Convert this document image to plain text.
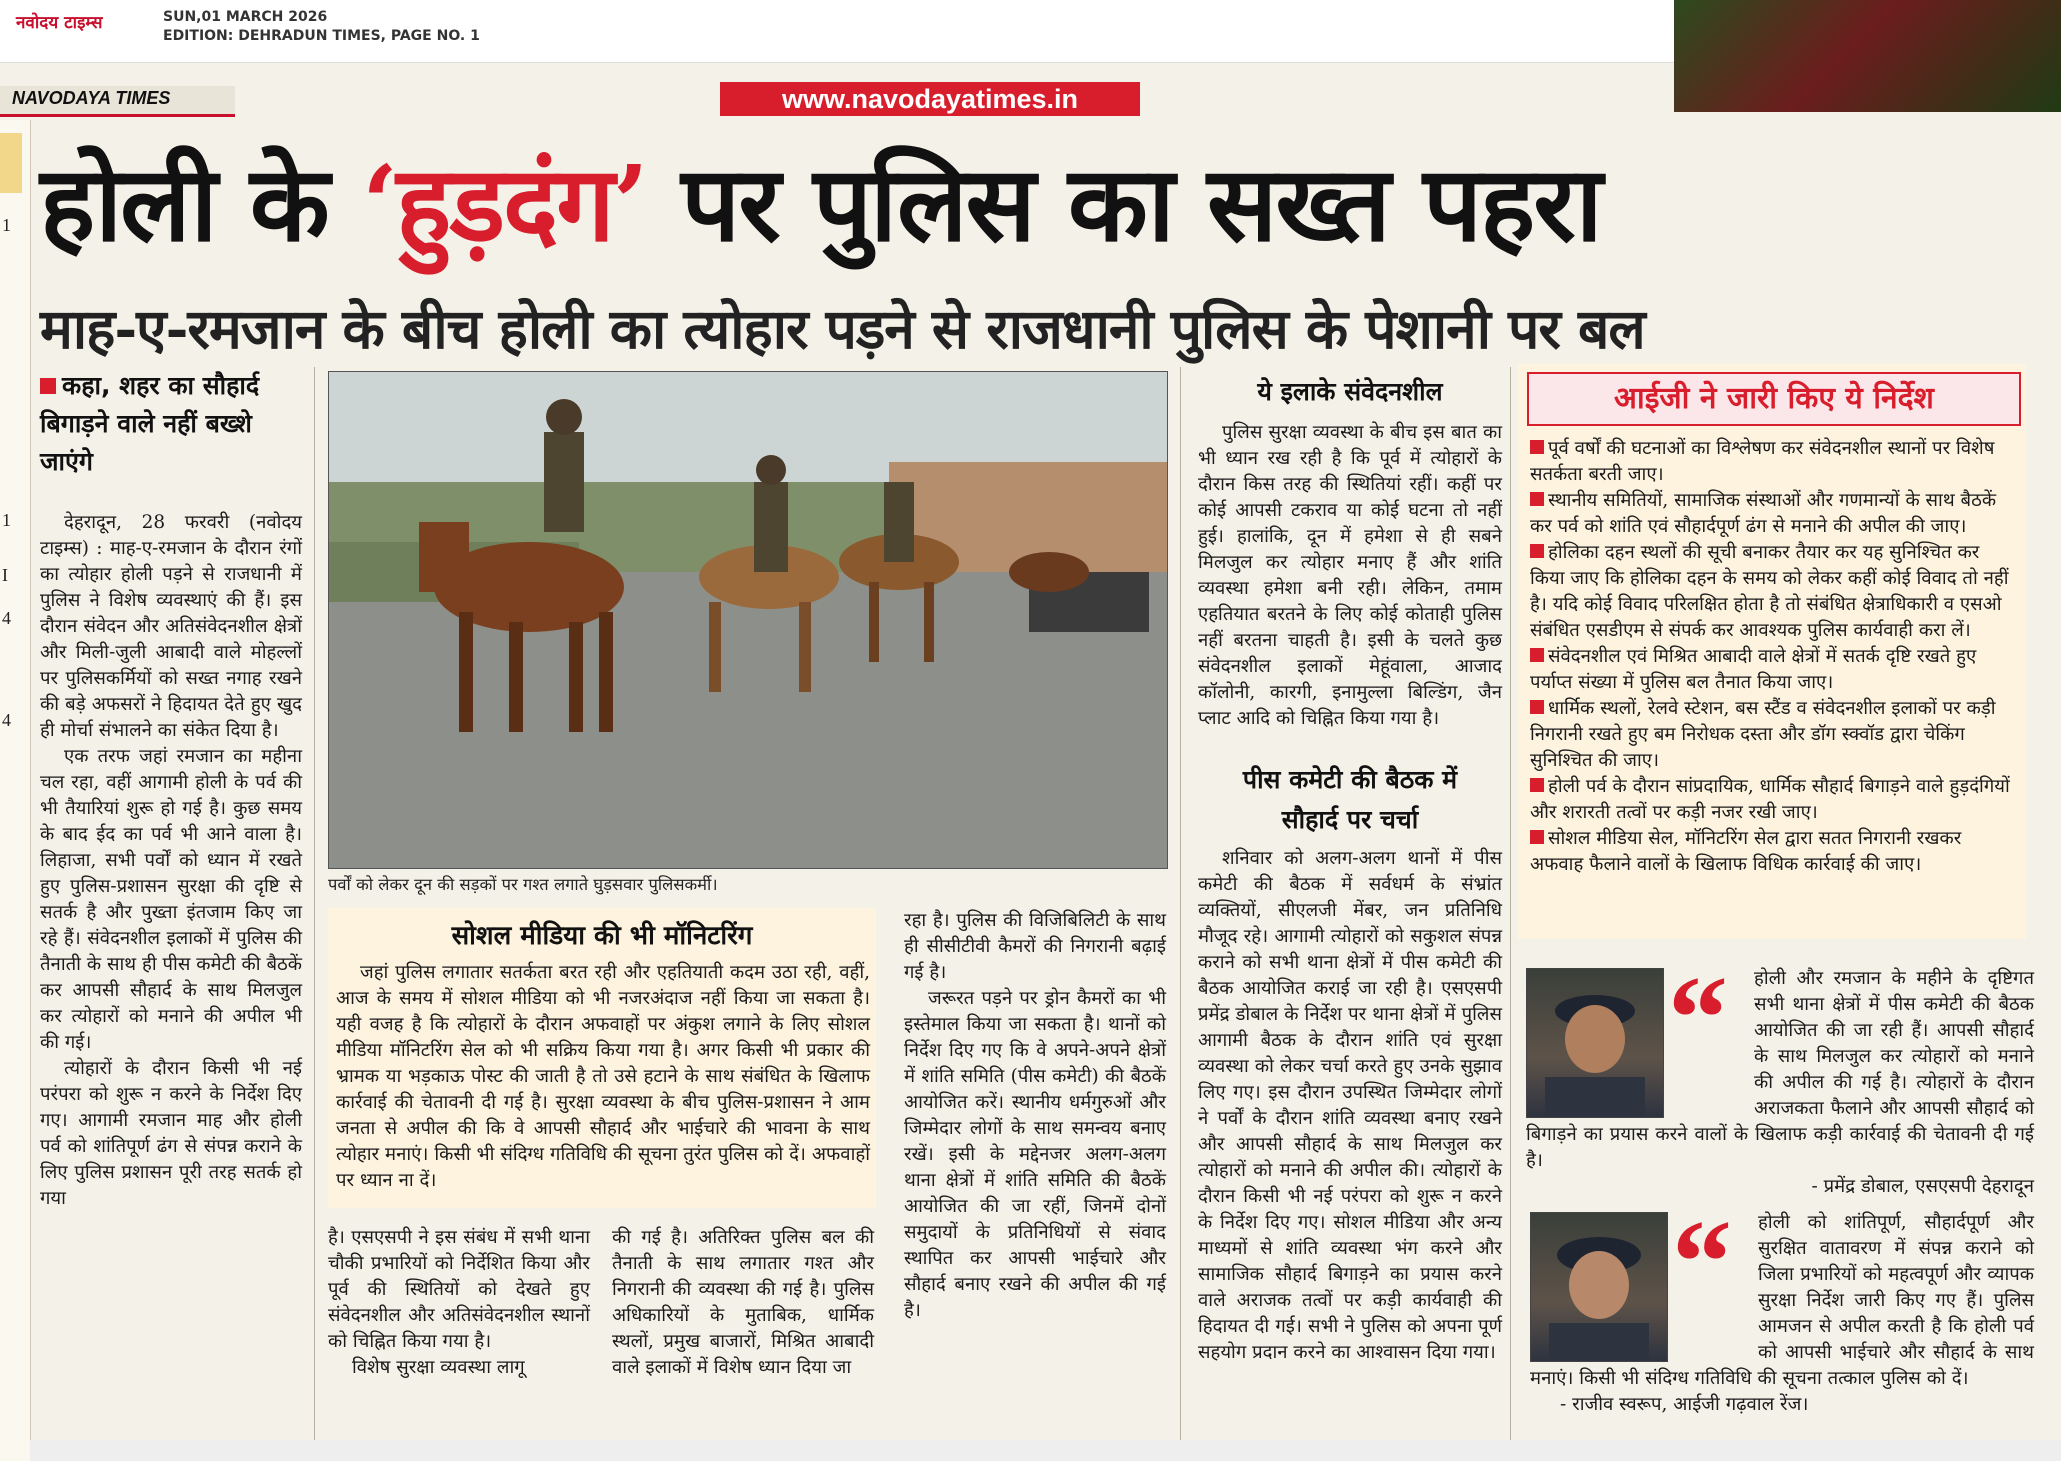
नवोदय टाइम्स	SUN,01 MARCH 2026
EDITION: DEHRADUN TIMES, PAGE NO. 1
NAVODAYA TIMES	www.navodayatimes.in
1
1
I
4
4
होली के ‘हुड़दंग’ पर पुलिस का सख्त पहरा
माह-ए-रमजान के बीच होली का त्योहार पड़ने से राजधानी पुलिस के पेशानी पर बल
कहा, शहर का सौहार्द बिगाड़ने वाले नहीं बख्शे जाएंगे

देहरादून, 28 फरवरी (नवोदय टाइम्स) : माह-ए-रमजान के दौरान रंगों का त्योहार होली पड़ने से राजधानी में पुलिस ने विशेष व्यवस्थाएं की हैं। इस दौरान संवेदन और अतिसंवेदनशील क्षेत्रों और मिली-जुली आबादी वाले मोहल्लों पर पुलिसकर्मियों को सख्त नगाह रखने की बड़े अफसरों ने हिदायत देते हुए खुद ही मोर्चा संभालने का संकेत दिया है।

एक तरफ जहां रमजान का महीना चल रहा, वहीं आगामी होली के पर्व की भी तैयारियां शुरू हो गई है। कुछ समय के बाद ईद का पर्व भी आने वाला है। लिहाजा, सभी पर्वों को ध्यान में रखते हुए पुलिस-प्रशासन सुरक्षा की दृष्टि से सतर्क है और पुख्ता इंतजाम किए जा रहे हैं। संवेदनशील इलाकों में पुलिस की तैनाती के साथ ही पीस कमेटी की बैठकें कर आपसी सौहार्द के साथ मिलजुल कर त्योहारों को मनाने की अपील भी की गई।

त्योहारों के दौरान किसी भी नई परंपरा को शुरू न करने के निर्देश दिए गए। आगामी रमजान माह और होली पर्व को शांतिपूर्ण ढंग से संपन्न कराने के लिए पुलिस प्रशासन पूरी तरह सतर्क हो गया

पर्वों को लेकर दून की सड़कों पर गश्त लगाते घुड़सवार पुलिसकर्मी।
सोशल मीडिया की भी मॉनिटरिंग

जहां पुलिस लगातार सतर्कता बरत रही और एहतियाती कदम उठा रही, वहीं, आज के समय में सोशल मीडिया को भी नजरअंदाज नहीं किया जा सकता है। यही वजह है कि त्योहारों के दौरान अफवाहों पर अंकुश लगाने के लिए सोशल मीडिया मॉनिटरिंग सेल को भी सक्रिय किया गया है। अगर किसी भी प्रकार की भ्रामक या भड़काऊ पोस्ट की जाती है तो उसे हटाने के साथ संबंधित के खिलाफ कार्रवाई की चेतावनी दी गई है। सुरक्षा व्यवस्था के बीच पुलिस-प्रशासन ने आम जनता से अपील की कि वे आपसी सौहार्द और भाईचारे की भावना के साथ त्योहार मनाएं। किसी भी संदिग्ध गतिविधि की सूचना तुरंत पुलिस को दें। अफवाहों पर ध्यान ना दें।

है। एसएसपी ने इस संबंध में सभी थाना चौकी प्रभारियों को निर्देशित किया और पूर्व की स्थितियों को देखते हुए संवेदनशील और अतिसंवेदनशील स्थानों को चिह्नित किया गया है।

विशेष सुरक्षा व्यवस्था लागू

की गई है। अतिरिक्त पुलिस बल की तैनाती के साथ लगातार गश्त और निगरानी की व्यवस्था की गई है। पुलिस अधिकारियों के मुताबिक, धार्मिक स्थलों, प्रमुख बाजारों, मिश्रित आबादी वाले इलाकों में विशेष ध्यान दिया जा

रहा है। पुलिस की विजिबिलिटी के साथ ही सीसीटीवी कैमरों की निगरानी बढ़ाई गई है।

जरूरत पड़ने पर ड्रोन कैमरों का भी इस्तेमाल किया जा सकता है। थानों को निर्देश दिए गए कि वे अपने-अपने क्षेत्रों में शांति समिति (पीस कमेटी) की बैठकें आयोजित करें। स्थानीय धर्मगुरुओं और जिम्मेदार लोगों के साथ समन्वय बनाए रखें। इसी के मद्देनजर अलग-अलग थाना क्षेत्रों में शांति समिति की बैठकें आयोजित की जा रहीं, जिनमें दोनों समुदायों के प्रतिनिधियों से संवाद स्थापित कर आपसी भाईचारे और सौहार्द बनाए रखने की अपील की गई है।

ये इलाके संवेदनशील

पुलिस सुरक्षा व्यवस्था के बीच इस बात का भी ध्यान रख रही है कि पूर्व में त्योहारों के दौरान किस तरह की स्थितियां रहीं। कहीं पर कोई आपसी टकराव या कोई घटना तो नहीं हुई। हालांकि, दून में हमेशा से ही सबने मिलजुल कर त्योहार मनाए हैं और शांति व्यवस्था हमेशा बनी रही। लेकिन, तमाम एहतियात बरतने के लिए कोई कोताही पुलिस नहीं बरतना चाहती है। इसी के चलते कुछ संवेदनशील इलाकों मेहूंवाला, आजाद कॉलोनी, कारगी, इनामुल्ला बिल्डिंग, जैन प्लाट आदि को चिह्नित किया गया है।

पीस कमेटी की बैठक में
सौहार्द पर चर्चा

शनिवार को अलग-अलग थानों में पीस कमेटी की बैठक में सर्वधर्म के संभ्रांत व्यक्तियों, सीएलजी मेंबर, जन प्रतिनिधि मौजूद रहे। आगामी त्योहारों को सकुशल संपन्न कराने को सभी थाना क्षेत्रों में पीस कमेटी की बैठक आयोजित कराई जा रही है। एसएसपी प्रमेंद्र डोबाल के निर्देश पर थाना क्षेत्रों में पुलिस आगामी बैठक के दौरान शांति एवं सुरक्षा व्यवस्था को लेकर चर्चा करते हुए उनके सुझाव लिए गए। इस दौरान उपस्थित जिम्मेदार लोगों ने पर्वों के दौरान शांति व्यवस्था बनाए रखने और आपसी सौहार्द के साथ मिलजुल कर त्योहारों को मनाने की अपील की। त्योहारों के दौरान किसी भी नई परंपरा को शुरू न करने के निर्देश दिए गए। सोशल मीडिया और अन्य माध्यमों से शांति व्यवस्था भंग करने और सामाजिक सौहार्द बिगाड़ने का प्रयास करने वाले अराजक तत्वों पर कड़ी कार्यवाही की हिदायत दी गई। सभी ने पुलिस को अपना पूर्ण सहयोग प्रदान करने का आश्वासन दिया गया।

आईजी ने जारी किए ये निर्देश
पूर्व वर्षों की घटनाओं का विश्लेषण कर संवेदनशील स्थानों पर विशेष सतर्कता बरती जाए।
स्थानीय समितियों, सामाजिक संस्थाओं और गणमान्यों के साथ बैठकें कर पर्व को शांति एवं सौहार्दपूर्ण ढंग से मनाने की अपील की जाए।
होलिका दहन स्थलों की सूची बनाकर तैयार कर यह सुनिश्चित कर किया जाए कि होलिका दहन के समय को लेकर कहीं कोई विवाद तो नहीं है। यदि कोई विवाद परिलक्षित होता है तो संबंधित क्षेत्राधिकारी व एसओ संबंधित एसडीएम से संपर्क कर आवश्यक पुलिस कार्यवाही करा लें।
संवेदनशील एवं मिश्रित आबादी वाले क्षेत्रों में सतर्क दृष्टि रखते हुए पर्याप्त संख्या में पुलिस बल तैनात किया जाए।
धार्मिक स्थलों, रेलवे स्टेशन, बस स्टैंड व संवेदनशील इलाकों पर कड़ी निगरानी रखते हुए बम निरोधक दस्ता और डॉग स्क्वॉड द्वारा चेकिंग सुनिश्चित की जाए।
होली पर्व के दौरान सांप्रदायिक, धार्मिक सौहार्द बिगाड़ने वाले हुड़दंगियों और शरारती तत्वों पर कड़ी नजर रखी जाए।
सोशल मीडिया सेल, मॉनिटरिंग सेल द्वारा सतत निगरानी रखकर अफवाह फैलाने वालों के खिलाफ विधिक कार्रवाई की जाए।
“	होली और रमजान के महीने के दृष्टिगत सभी थाना क्षेत्रों में पीस कमेटी की बैठक आयोजित की जा रही हैं। आपसी सौहार्द के साथ मिलजुल कर त्योहारों को मनाने की अपील की गई है। त्योहारों के दौरान अराजकता फैलाने और आपसी सौहार्द को बिगाड़ने का प्रयास करने वालों के खिलाफ कड़ी कार्रवाई की चेतावनी दी गई है।
- प्रमेंद्र डोबाल, एसएसपी देहरादून
“	होली को शांतिपूर्ण, सौहार्दपूर्ण और सुरक्षित वातावरण में संपन्न कराने को जिला प्रभारियों को महत्वपूर्ण और व्यापक सुरक्षा निर्देश जारी किए गए हैं। पुलिस आमजन से अपील करती है कि होली पर्व को आपसी भाईचारे और सौहार्द के साथ मनाएं। किसी भी संदिग्ध गतिविधि की सूचना तत्काल पुलिस को दें।
- राजीव स्वरूप, आईजी गढ़वाल रेंज।
